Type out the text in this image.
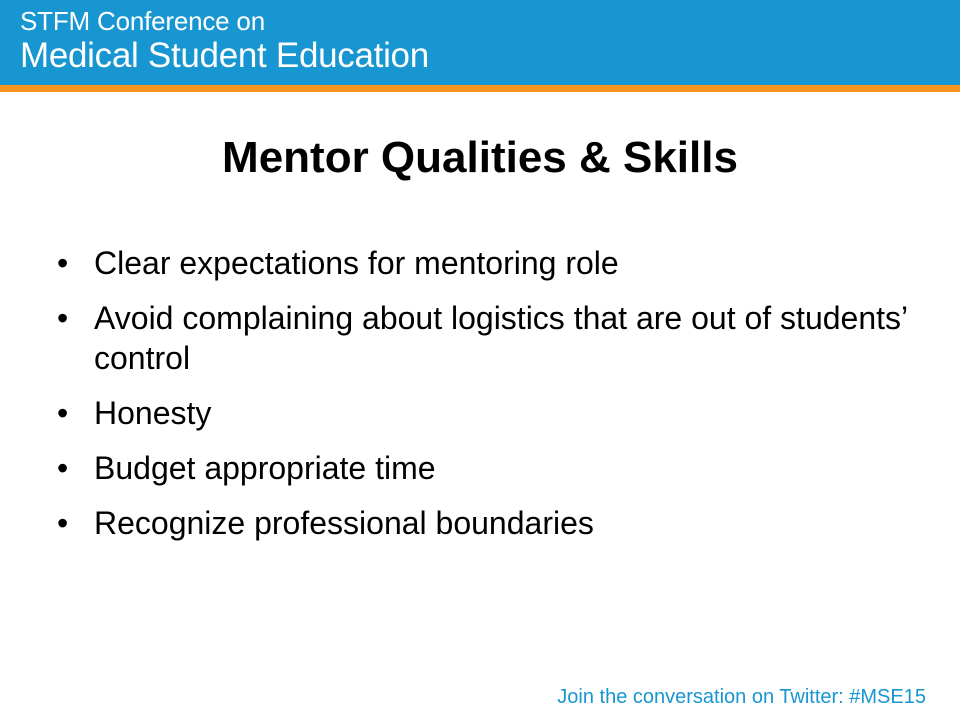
STFM Conference on
Medical Student Education
Mentor Qualities & Skills
• Clear expectations for mentoring role
• Avoid complaining about logistics that are out of students’ control
• Honesty
• Budget appropriate time
• Recognize professional boundaries
Join the conversation on Twitter: #MSE15
